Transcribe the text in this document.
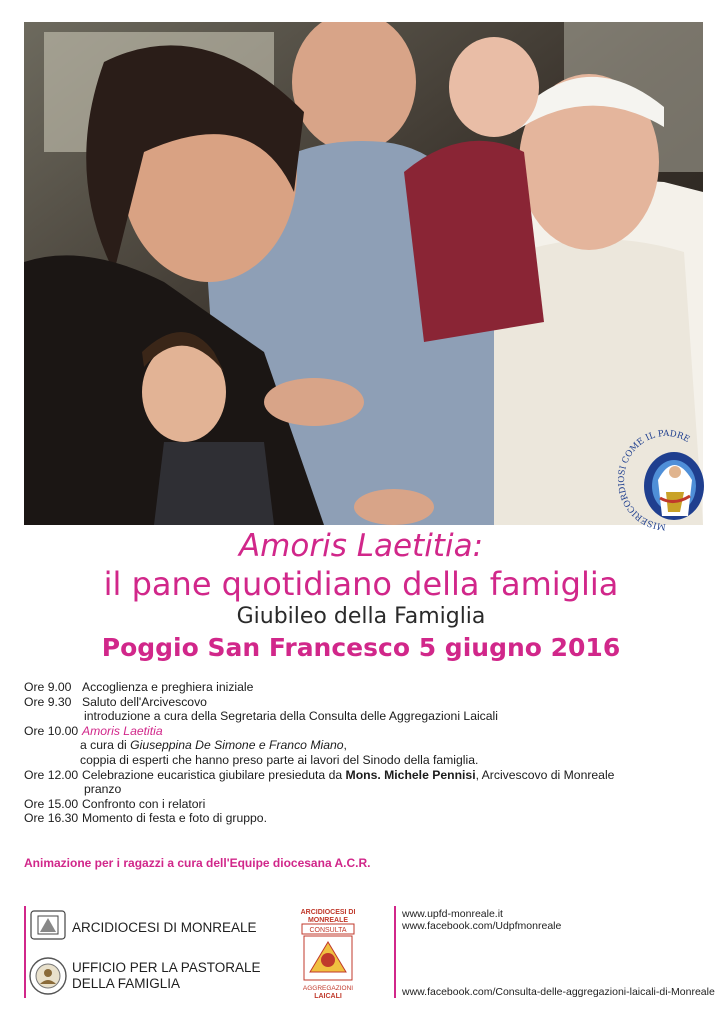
MISERICORDI SI COME IL PADRE
Amoris Laetitia:
il pane quotidiano della famiglia
Giubileo della Famiglia
Poggio San Francesco 5 giugno 2016
Ore 9.00 Accoglienza e preghiera iniziale
Ore 9.30 Saluto dell'Arcivescovo
introduzione a cura della Segretaria della Consulta delle Aggregazioni Laicali
Ore 10.00 Amoris Laetitia
a cura di Giuseppina De Simone e Franco Miano,
coppia di esperti che hanno preso parte ai lavori del Sinodo della famiglia.
Ore 12.00 Celebrazione eucaristica giubilare presieduta da Mons. Michele Pennisi, Arcivescovo di Monreale
pranzo
Ore 15.00 Confronto con i relatori
Ore 16.30 Momento di festa e foto di gruppo.
Animazione per i ragazzi a cura dell'Equipe diocesana A.C.R.
ARCIDIOCESI DI MONREALE
UFFICIO PER LA PASTORALE
DELLA FAMIGLIA
ARCIDIOCESI DI
MONREALE
CONSULTA
AGGREGAZIONI
LAICALI
www.upfd-monreale.it
www.facebook.com/Udpfmonreale
www.facebook.com/Consulta-delle-aggregazioni-laicali-di-Monreale
